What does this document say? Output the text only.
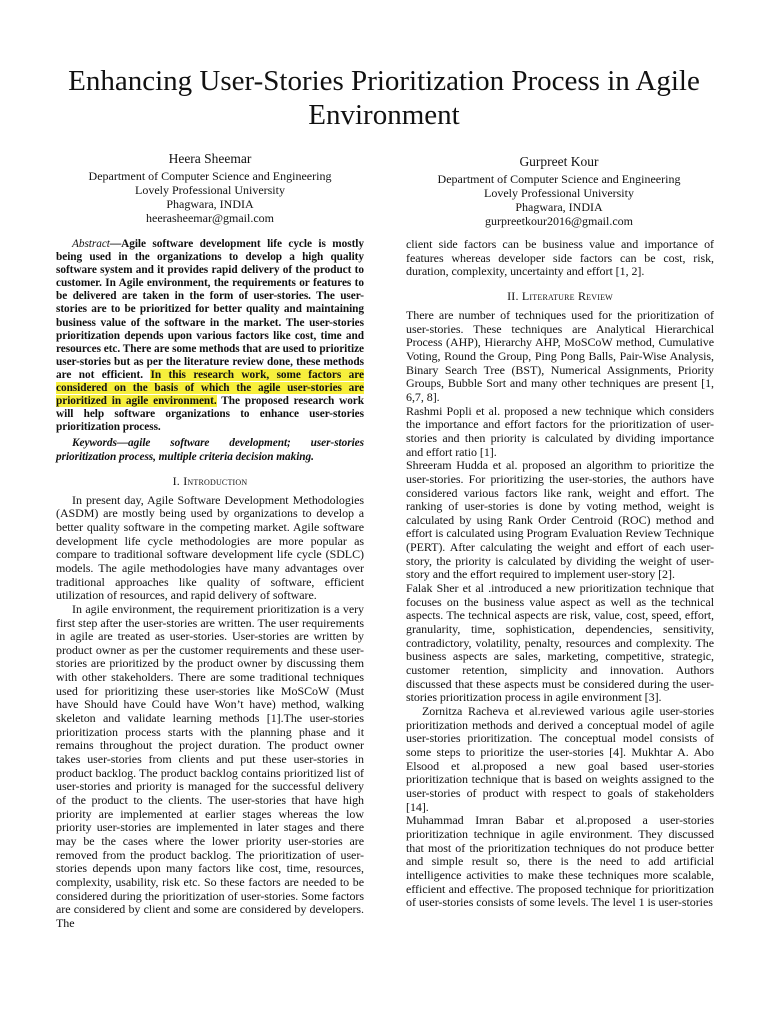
Enhancing User-Stories Prioritization Process in Agile Environment
Heera Sheemar
Department of Computer Science and Engineering
Lovely Professional University
Phagwara, INDIA
heerasheemar@gmail.com
Gurpreet Kour
Department of Computer Science and Engineering
Lovely Professional University
Phagwara, INDIA
gurpreetkour2016@gmail.com

Abstract—Agile software development life cycle is mostly being used in the organizations to develop a high quality software system and it provides rapid delivery of the product to customer. In Agile environment, the requirements or features to be delivered are taken in the form of user-stories. The user-stories are to be prioritized for better quality and maintaining business value of the software in the market. The user-stories prioritization depends upon various factors like cost, time and resources etc. There are some methods that are used to prioritize user-stories but as per the literature review done, these methods are not efficient. In this research work, some factors are considered on the basis of which the agile user-stories are prioritized in agile environment. The proposed research work will help software organizations to enhance user-stories prioritization process.

Keywords—agile software development; user-stories prioritization process, multiple criteria decision making.

I. Introduction

In present day, Agile Software Development Methodologies (ASDM) are mostly being used by organizations to develop a better quality software in the competing market. Agile software development life cycle methodologies are more popular as compare to traditional software development life cycle (SDLC) models. The agile methodologies have many advantages over traditional approaches like quality of software, efficient utilization of resources, and rapid delivery of software.

In agile environment, the requirement prioritization is a very first step after the user-stories are written. The user requirements in agile are treated as user-stories. User-stories are written by product owner as per the customer requirements and these user-stories are prioritized by the product owner by discussing them with other stakeholders. There are some traditional techniques used for prioritizing these user-stories like MoSCoW (Must have Should have Could have Won’t have) method, walking skeleton and validate learning methods [1].The user-stories prioritization process starts with the planning phase and it remains throughout the project duration. The product owner takes user-stories from clients and put these user-stories in product backlog. The product backlog contains prioritized list of user-stories and priority is managed for the successful delivery of the product to the clients. The user-stories that have high priority are implemented at earlier stages whereas the low priority user-stories are implemented in later stages and there may be the cases where the lower priority user-stories are removed from the product backlog. The prioritization of user-stories depends upon many factors like cost, time, resources, complexity, usability, risk etc. So these factors are needed to be considered during the prioritization of user-stories. Some factors are considered by client and some are considered by developers. The

client side factors can be business value and importance of features whereas developer side factors can be cost, risk, duration, complexity, uncertainty and effort [1, 2].

II. Literature Review

There are number of techniques used for the prioritization of user-stories. These techniques are Analytical Hierarchical Process (AHP), Hierarchy AHP, MoSCoW method, Cumulative Voting, Round the Group, Ping Pong Balls, Pair-Wise Analysis, Binary Search Tree (BST), Numerical Assignments, Priority Groups, Bubble Sort and many other techniques are present [1, 6,7, 8].

Rashmi Popli et al. proposed a new technique which considers the importance and effort factors for the prioritization of user-stories and then priority is calculated by dividing importance and effort ratio [1].

Shreeram Hudda et al. proposed an algorithm to prioritize the user-stories. For prioritizing the user-stories, the authors have considered various factors like rank, weight and effort. The ranking of user-stories is done by voting method, weight is calculated by using Rank Order Centroid (ROC) method and effort is calculated using Program Evaluation Review Technique (PERT). After calculating the weight and effort of each user-story, the priority is calculated by dividing the weight of user-story and the effort required to implement user-story [2].

Falak Sher et al .introduced a new prioritization technique that focuses on the business value aspect as well as the technical aspects. The technical aspects are risk, value, cost, speed, effort, granularity, time, sophistication, dependencies, sensitivity, contradictory, volatility, penalty, resources and complexity. The business aspects are sales, marketing, competitive, strategic, customer retention, simplicity and innovation. Authors discussed that these aspects must be considered during the user-stories prioritization process in agile environment [3].

Zornitza Racheva et al.reviewed various agile user-stories prioritization methods and derived a conceptual model of agile user-stories prioritization. The conceptual model consists of some steps to prioritize the user-stories [4]. Mukhtar A. Abo Elsood et al.proposed a new goal based user-stories prioritization technique that is based on weights assigned to the user-stories of product with respect to goals of stakeholders [14].

Muhammad Imran Babar et al.proposed a user-stories prioritization technique in agile environment. They discussed that most of the prioritization techniques do not produce better and simple result so, there is the need to add artificial intelligence activities to make these techniques more scalable, efficient and effective. The proposed technique for prioritization of user-stories consists of some levels. The level 1 is user-stories
